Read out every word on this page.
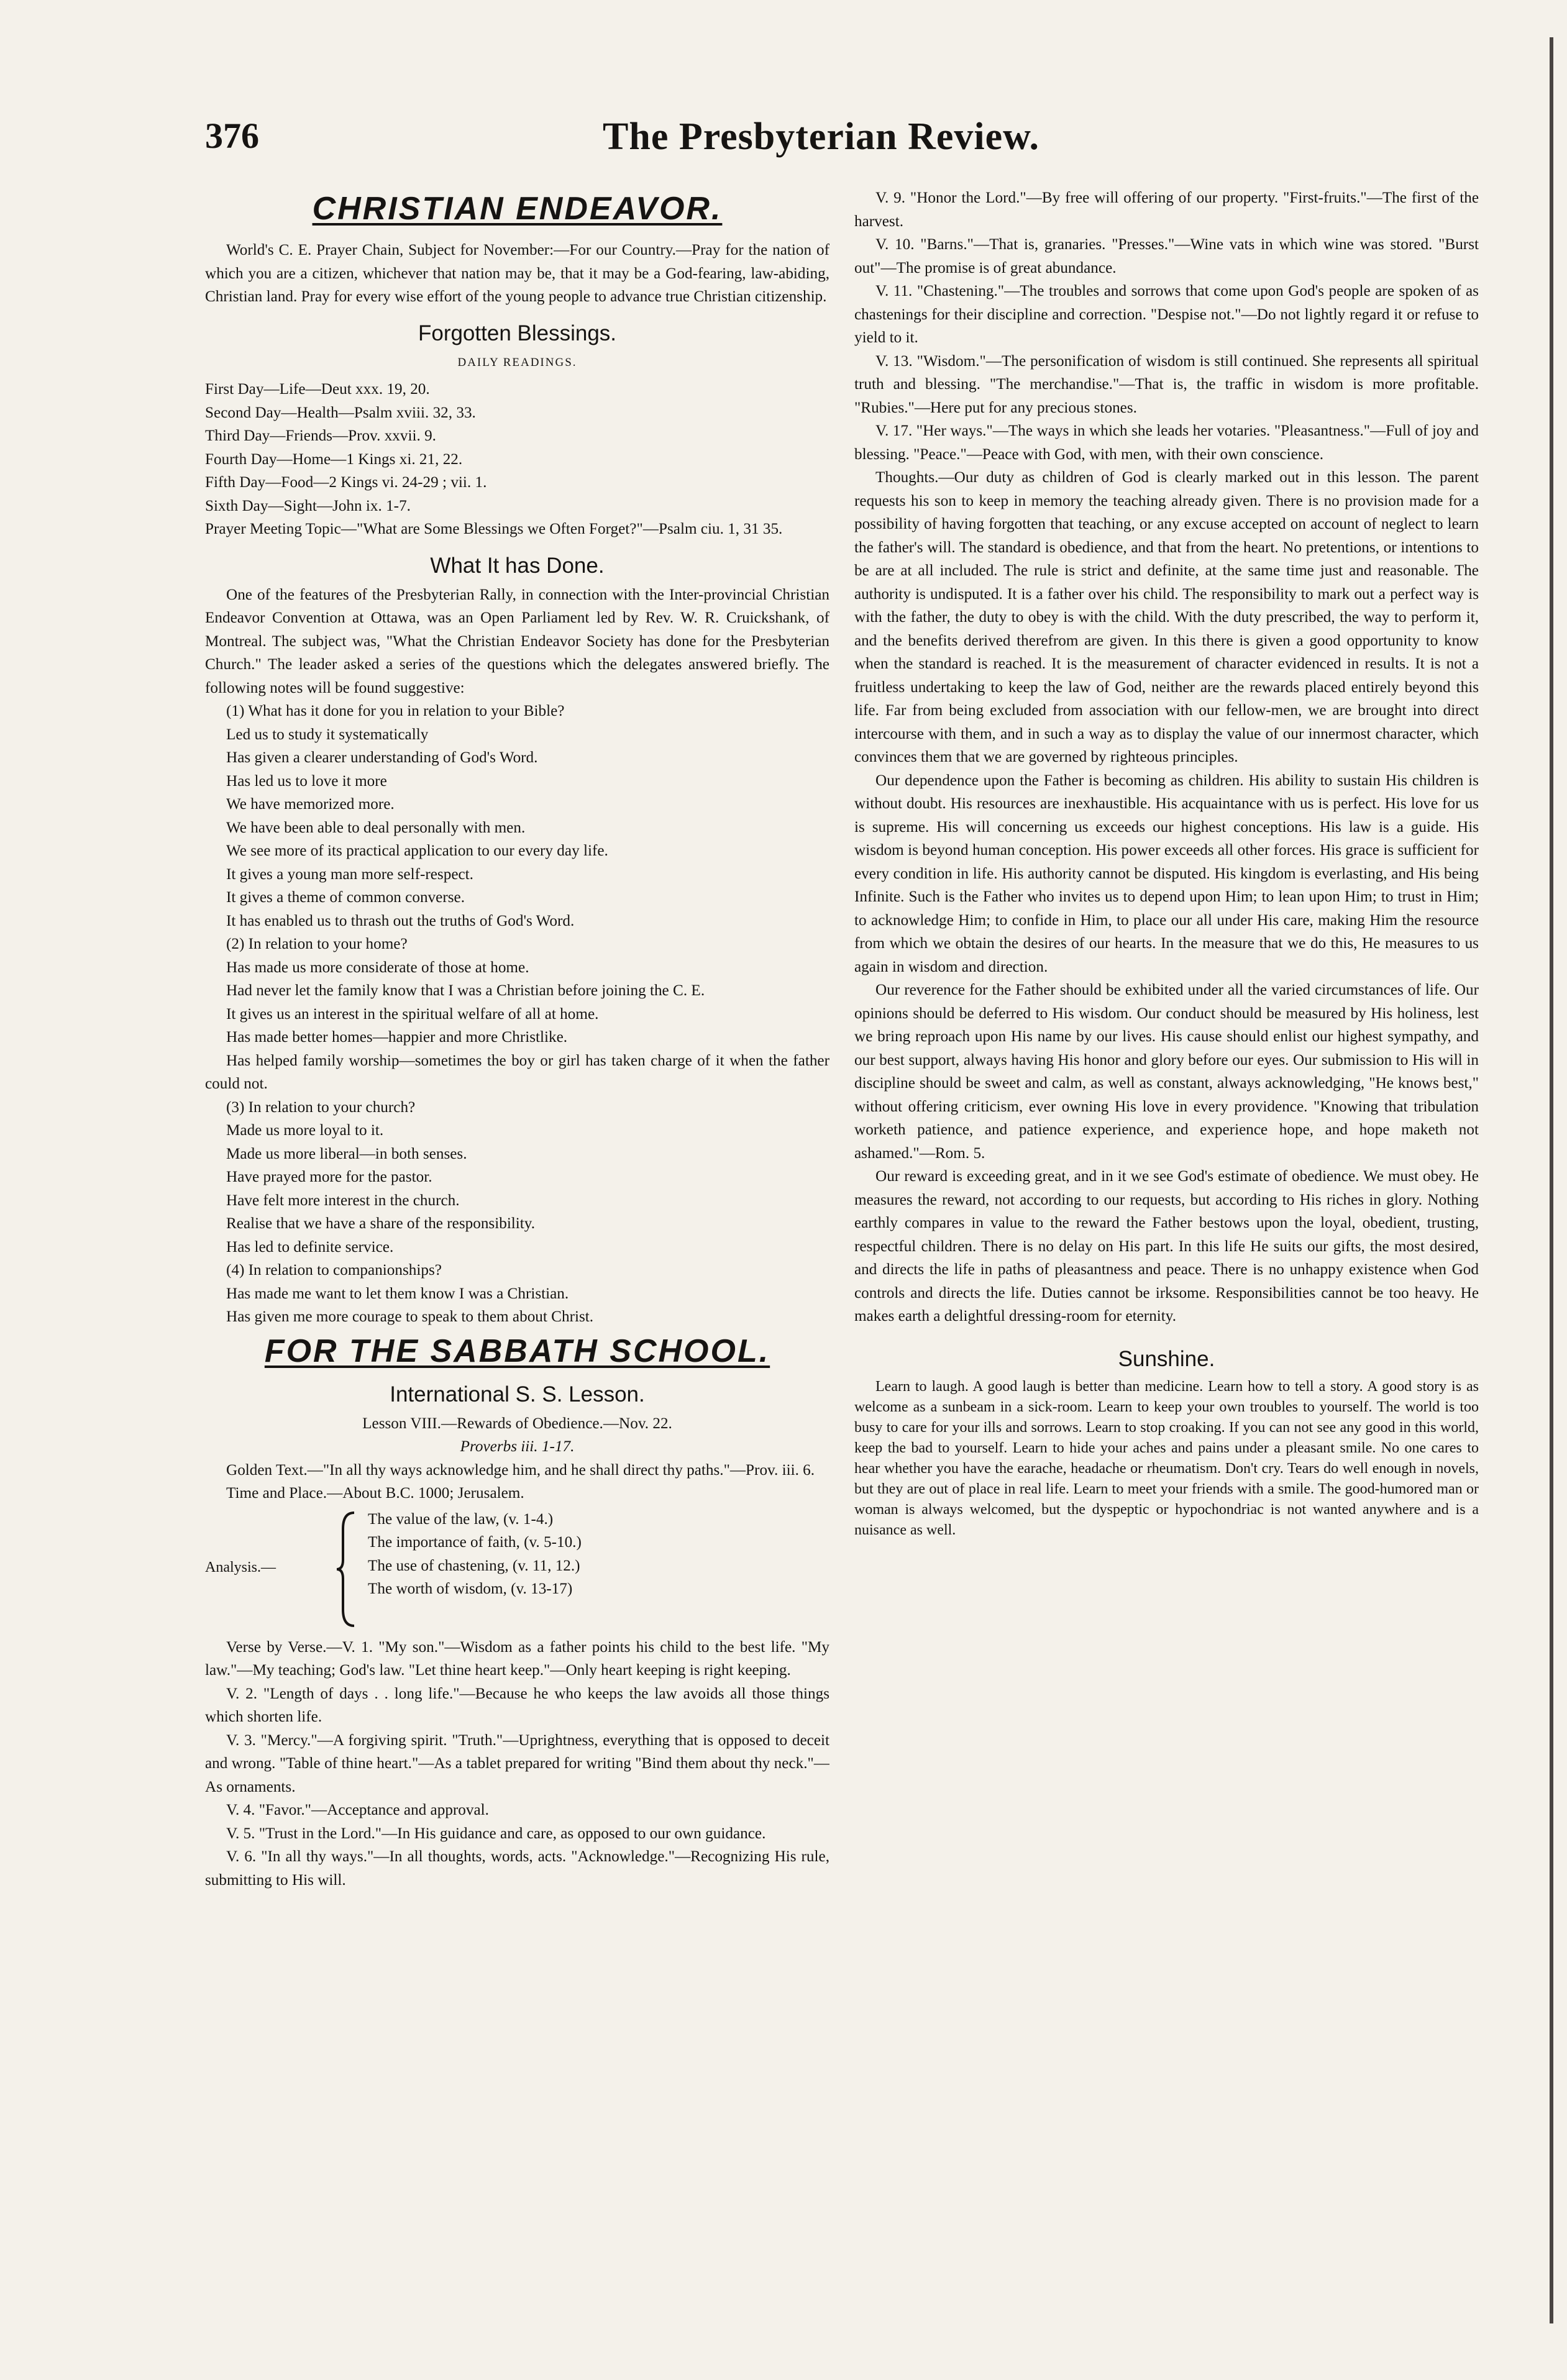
376	The Presbyterian Review.
CHRISTIAN ENDEAVOR.

World's C. E. Prayer Chain, Subject for November:—For our Country.—Pray for the nation of which you are a citizen, whichever that nation may be, that it may be a God-fearing, law-abiding, Christian land. Pray for every wise effort of the young people to advance true Christian citizenship.

Forgotten Blessings.
DAILY READINGS.

First Day—Life—Deut xxx. 19, 20.

Second Day—Health—Psalm xviii. 32, 33.

Third Day—Friends—Prov. xxvii. 9.

Fourth Day—Home—1 Kings xi. 21, 22.

Fifth Day—Food—2 Kings vi. 24-29 ; vii. 1.

Sixth Day—Sight—John ix. 1-7.

Prayer Meeting Topic—"What are Some Blessings we Often Forget?"—Psalm ciu. 1, 31 35.

What It has Done.

One of the features of the Presbyterian Rally, in connection with the Inter-provincial Christian Endeavor Convention at Ottawa, was an Open Parliament led by Rev. W. R. Cruickshank, of Montreal. The subject was, "What the Christian Endeavor Society has done for the Presbyterian Church." The leader asked a series of the questions which the delegates answered briefly. The following notes will be found suggestive:

(1) What has it done for you in relation to your Bible?

Led us to study it systematically

Has given a clearer understanding of God's Word.

Has led us to love it more

We have memorized more.

We have been able to deal personally with men.

We see more of its practical application to our every day life.

It gives a young man more self-respect.

It gives a theme of common converse.

It has enabled us to thrash out the truths of God's Word.

(2) In relation to your home?

Has made us more considerate of those at home.

Had never let the family know that I was a Christian before joining the C. E.

It gives us an interest in the spiritual welfare of all at home.

Has made better homes—happier and more Christlike.

Has helped family worship—sometimes the boy or girl has taken charge of it when the father could not.

(3) In relation to your church?

Made us more loyal to it.

Made us more liberal—in both senses.

Have prayed more for the pastor.

Have felt more interest in the church.

Realise that we have a share of the responsibility.

Has led to definite service.

(4) In relation to companionships?

Has made me want to let them know I was a Christian.

Has given me more courage to speak to them about Christ.

FOR THE SABBATH SCHOOL.
International S. S. Lesson.

Lesson VIII.—Rewards of Obedience.—Nov. 22.

Proverbs iii. 1-17.

Golden Text.—"In all thy ways acknowledge him, and he shall direct thy paths."—Prov. iii. 6.

Time and Place.—About B.C. 1000; Jerusalem.

Analysis.—
The value of the law, (v. 1-4.)
The importance of faith, (v. 5-10.)
The use of chastening, (v. 11, 12.)
The worth of wisdom, (v. 13-17)

Verse by Verse.—V. 1. "My son."—Wisdom as a father points his child to the best life. "My law."—My teaching; God's law. "Let thine heart keep."—Only heart keeping is right keeping.

V. 2. "Length of days . . long life."—Because he who keeps the law avoids all those things which shorten life.

V. 3. "Mercy."—A forgiving spirit. "Truth."—Uprightness, everything that is opposed to deceit and wrong. "Table of thine heart."—As a tablet prepared for writing "Bind them about thy neck."—As ornaments.

V. 4. "Favor."—Acceptance and approval.

V. 5. "Trust in the Lord."—In His guidance and care, as opposed to our own guidance.

V. 6. "In all thy ways."—In all thoughts, words, acts. "Acknowledge."—Recognizing His rule, submitting to His will.

V. 9. "Honor the Lord."—By free will offering of our property. "First-fruits."—The first of the harvest.

V. 10. "Barns."—That is, granaries. "Presses."—Wine vats in which wine was stored. "Burst out"—The promise is of great abundance.

V. 11. "Chastening."—The troubles and sorrows that come upon God's people are spoken of as chastenings for their discipline and correction. "Despise not."—Do not lightly regard it or refuse to yield to it.

V. 13. "Wisdom."—The personification of wisdom is still continued. She represents all spiritual truth and blessing. "The merchandise."—That is, the traffic in wisdom is more profitable. "Rubies."—Here put for any precious stones.

V. 17. "Her ways."—The ways in which she leads her votaries. "Pleasantness."—Full of joy and blessing. "Peace."—Peace with God, with men, with their own conscience.

Thoughts.—Our duty as children of God is clearly marked out in this lesson. The parent requests his son to keep in memory the teaching already given. There is no provision made for a possibility of having forgotten that teaching, or any excuse accepted on account of neglect to learn the father's will. The standard is obedience, and that from the heart. No pretentions, or intentions to be are at all included. The rule is strict and definite, at the same time just and reasonable. The authority is undisputed. It is a father over his child. The responsibility to mark out a perfect way is with the father, the duty to obey is with the child. With the duty prescribed, the way to perform it, and the benefits derived therefrom are given. In this there is given a good opportunity to know when the standard is reached. It is the measurement of character evidenced in results. It is not a fruitless undertaking to keep the law of God, neither are the rewards placed entirely beyond this life. Far from being excluded from association with our fellow-men, we are brought into direct intercourse with them, and in such a way as to display the value of our innermost character, which convinces them that we are governed by righteous principles.

Our dependence upon the Father is becoming as children. His ability to sustain His children is without doubt. His resources are inexhaustible. His acquaintance with us is perfect. His love for us is supreme. His will concerning us exceeds our highest conceptions. His law is a guide. His wisdom is beyond human conception. His power exceeds all other forces. His grace is sufficient for every condition in life. His authority cannot be disputed. His kingdom is everlasting, and His being Infinite. Such is the Father who invites us to depend upon Him; to lean upon Him; to trust in Him; to acknowledge Him; to confide in Him, to place our all under His care, making Him the resource from which we obtain the desires of our hearts. In the measure that we do this, He measures to us again in wisdom and direction.

Our reverence for the Father should be exhibited under all the varied circumstances of life. Our opinions should be deferred to His wisdom. Our conduct should be measured by His holiness, lest we bring reproach upon His name by our lives. His cause should enlist our highest sympathy, and our best support, always having His honor and glory before our eyes. Our submission to His will in discipline should be sweet and calm, as well as constant, always acknowledging, "He knows best," without offering criticism, ever owning His love in every providence. "Knowing that tribulation worketh patience, and patience experience, and experience hope, and hope maketh not ashamed."—Rom. 5.

Our reward is exceeding great, and in it we see God's estimate of obedience. We must obey. He measures the reward, not according to our requests, but according to His riches in glory. Nothing earthly compares in value to the reward the Father bestows upon the loyal, obedient, trusting, respectful children. There is no delay on His part. In this life He suits our gifts, the most desired, and directs the life in paths of pleasantness and peace. There is no unhappy existence when God controls and directs the life. Duties cannot be irksome. Responsibilities cannot be too heavy. He makes earth a delightful dressing-room for eternity.

Sunshine.

Learn to laugh. A good laugh is better than medicine. Learn how to tell a story. A good story is as welcome as a sunbeam in a sick-room. Learn to keep your own troubles to yourself. The world is too busy to care for your ills and sorrows. Learn to stop croaking. If you can not see any good in this world, keep the bad to yourself. Learn to hide your aches and pains under a pleasant smile. No one cares to hear whether you have the earache, headache or rheumatism. Don't cry. Tears do well enough in novels, but they are out of place in real life. Learn to meet your friends with a smile. The good-humored man or woman is always welcomed, but the dyspeptic or hypochondriac is not wanted anywhere and is a nuisance as well.
